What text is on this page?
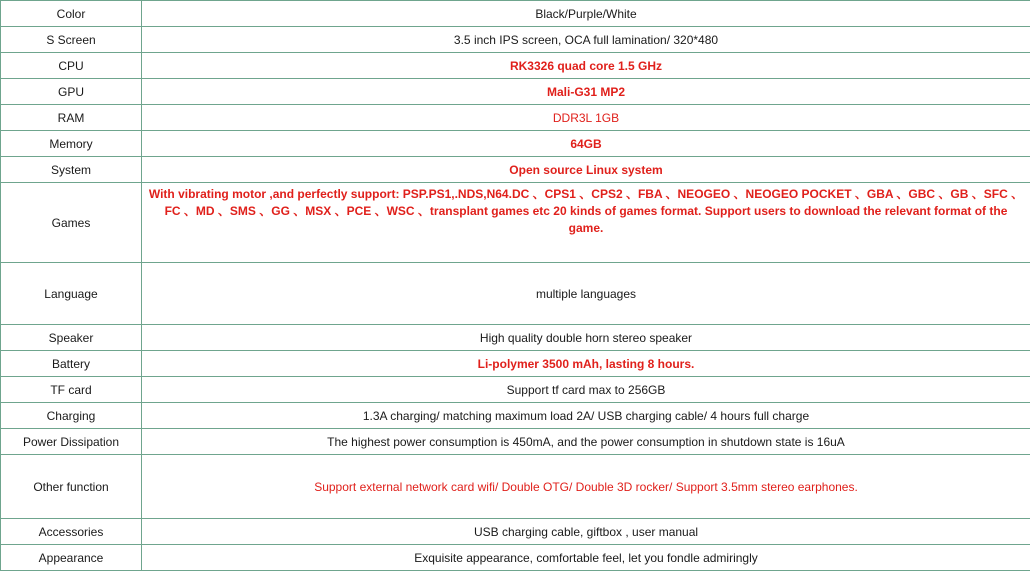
Color	Black/Purple/White
S Screen	3.5 inch IPS screen, OCA full lamination/ 320*480
CPU	RK3326 quad core 1.5 GHz
GPU	Mali-G31 MP2
RAM	DDR3L 1GB
Memory	64GB
System	Open source Linux system
Games	With vibrating motor ,and perfectly support: PSP.PS1,.NDS,N64.DC 、CPS1 、CPS2 、FBA 、NEOGEO 、NEOGEO POCKET 、GBA 、GBC 、GB 、SFC 、FC 、MD 、SMS 、GG 、MSX 、PCE 、WSC 、transplant games etc 20 kinds of games format. Support users to download the relevant format of the game.
Language	multiple languages
Speaker	High quality double horn stereo speaker
Battery	Li-polymer 3500 mAh, lasting 8 hours.
TF card	Support tf card max to 256GB
Charging	1.3A charging/ matching maximum load 2A/ USB charging cable/ 4 hours full charge
Power Dissipation	The highest power consumption is 450mA, and the power consumption in shutdown state is 16uA
Other function	Support external network card wifi/ Double OTG/ Double 3D rocker/ Support 3.5mm stereo earphones.
Accessories	USB charging cable, giftbox , user manual
Appearance	Exquisite appearance, comfortable feel, let you fondle admiringly
